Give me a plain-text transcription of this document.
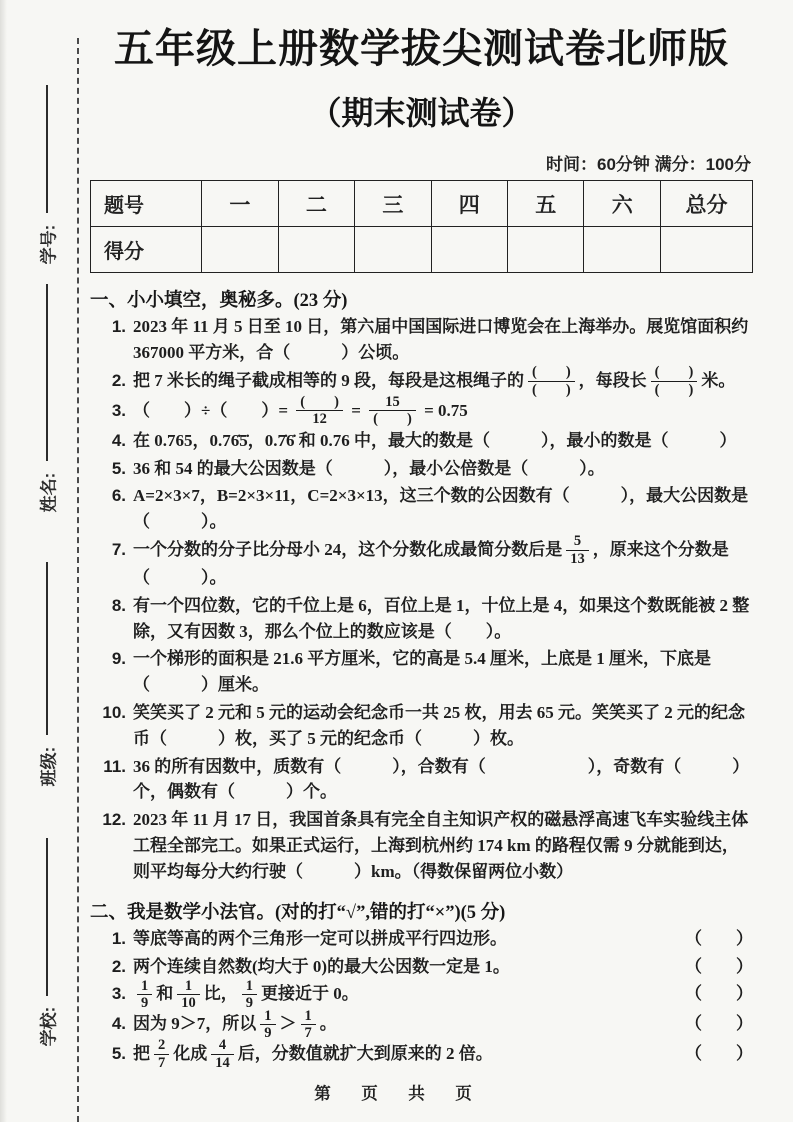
学号:
姓名:
班级:
学校:
五年级上册数学拔尖测试卷北师版
（期末测试卷）
时间：60分钟 满分：100分
题号	一	二	三	四	五	六	总分
得分							
一、小小填空，奥秘多。(23 分)
1. 2023 年 11 月 5 日至 10 日，第六届中国国际进口博览会在上海举办。展览馆面积约 367000 平方米，合（　　　）公顷。
2. 把 7 米长的绳子截成相等的 9 段，每段是这根绳子的 $\frac{( )}{( )}$ ，每段长 $\frac{( )}{( )}$ 米。
3. （　　）÷（　　）= $\frac{( )}{12} = \frac{15}{( )} = 0.75$
4. 在 0.765，0.76̇5̇，0.7̇6̇ 和 0.76 中，最大的数是（　　　），最小的数是（　　　）
5. 36 和 54 的最大公因数是（　　　），最小公倍数是（　　　）。
6. A=2×3×7，B=2×3×11，C=2×3×13，这三个数的公因数有（　　　），最大公因数是（　　　）。
7. 一个分数的分子比分母小 24，这个分数化成最简分数后是 $\frac{5}{13}$ ，原来这个分数是（　　　）。
8. 有一个四位数，它的千位上是 6，百位上是 1，十位上是 4，如果这个数既能被 2 整除，又有因数 3，那么个位上的数应该是（　　）。
9. 一个梯形的面积是 21.6 平方厘米，它的高是 5.4 厘米，上底是 1 厘米，下底是（　　　）厘米。
10. 笑笑买了 2 元和 5 元的运动会纪念币一共 25 枚，用去 65 元。笑笑买了 2 元的纪念币（　　　）枚，买了 5 元的纪念币（　　　）枚。
11. 36 的所有因数中，质数有（　　　），合数有（　　　　　　），奇数有（　　　）个，偶数有（　　　）个。
12. 2023 年 11 月 17 日，我国首条具有完全自主知识产权的磁悬浮高速飞车实验线主体工程全部完工。如果正式运行，上海到杭州约 174 km 的路程仅需 9 分就能到达，则平均每分大约行驶（　　　）km。（得数保留两位小数）
二、我是数学小法官。(对的打“√”,错的打“×”)(5 分)
1. 等底等高的两个三角形一定可以拼成平行四边形。	（　　）
2. 两个连续自然数(均大于 0)的最大公因数一定是 1。	（　　）
3. $\frac{1}{9}$ 和 $\frac{1}{10}$ 比， $\frac{1}{9}$ 更接近于 0。	（　　）
4. 因为 9＞7，所以 $\frac{1}{9} > \frac{1}{7}$ 。	（　　）
5. 把 $\frac{2}{7}$ 化成 $\frac{4}{14}$ 后，分数值就扩大到原来的 2 倍。	（　　）
第　页　共　页
